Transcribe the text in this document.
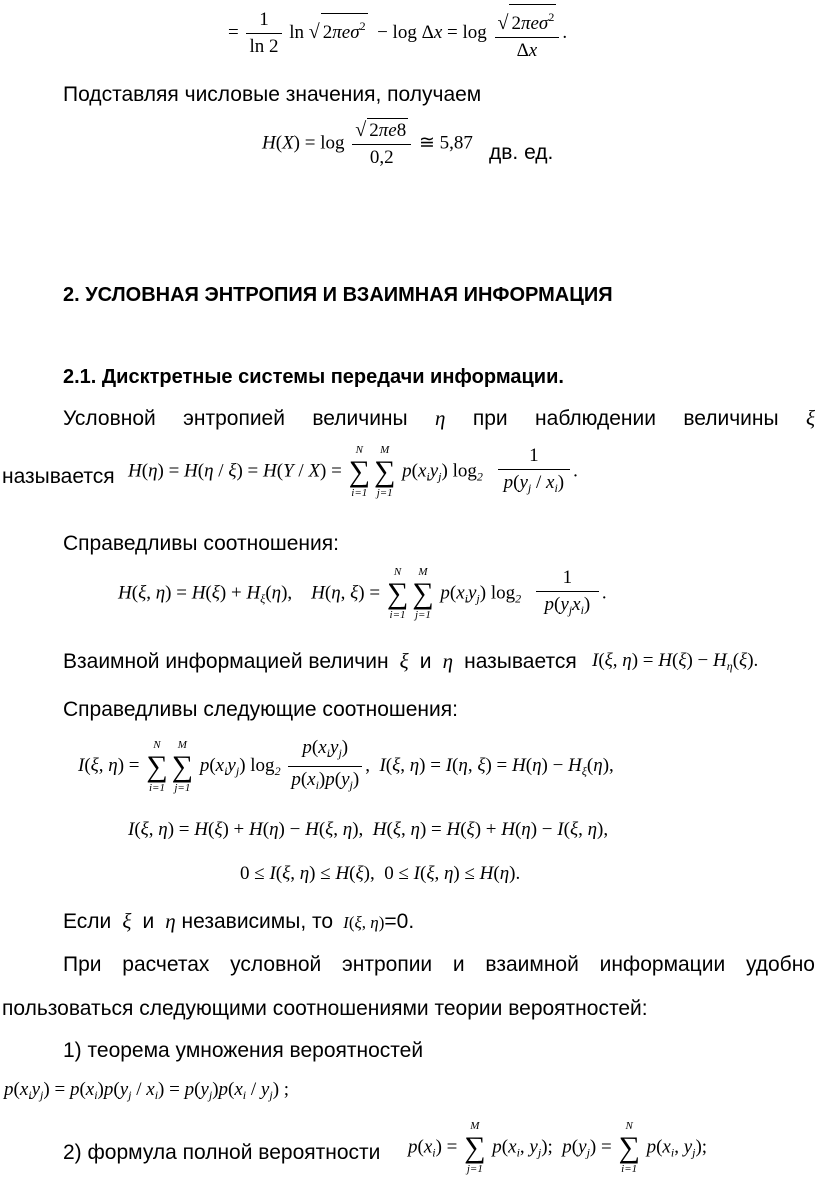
= $\frac{1}{\ln 2}$ ln √ $2\pi e\sigma^2 - \log \Delta x = \log \frac{√ 2\pi e\sigma^2}{\Delta x}$ .
Подставляя числовые значения, получаем
$H(X) = \log \frac{√ 2\pi e8}{0,2}$ ≅ 5,87 дв. ед.
2. УСЛОВНАЯ ЭНТРОПИЯ И ВЗАИМНАЯ ИНФОРМАЦИЯ
2.1. Дисктретные системы передачи информации.
Условной энтропией величины η при наблюдении величины ξ
называется H(η) = H(η / ξ) = H(Y / X) =
N
∑
i=1
M
∑
j=1
$p(x_iy_j)$ $\log_2 \frac{1}{p(y_j / x_i)}$ .
Справедливы соотношения:
H(ξ, $\eta) = H(\xi) + H_\xi(\eta)$,    H(η, ξ) =
N
∑
i=1
M
∑
j=1
$p(x_iy_j)$ $\log_2 \frac{1}{p(y_jx_i)}$ .
Взаимной информацией величин  ξ  и  η  называется I(ξ, $\eta) = H(\xi) - H_\eta(\xi)$.
Справедливы следующие соотношения:
I(ξ, η) =
N
∑
i=1
M
∑
j=1
$p(x_iy_j)$ $\log_2 \frac{p(x_iy_j)}{p(x_i)p(y_j)}$ ,  I(ξ, η) = I(η, $\xi) = H(\eta) - H_\xi(\eta)$,
I(ξ, η) = H(ξ) + H(η) − H(ξ, η),  H(ξ, η) = H(ξ) + H(η) − I(ξ, η),
0 ≤ I(ξ, η) ≤ H(ξ),  0 ≤ I(ξ, η) ≤ H(η).
Если  ξ  и  η независимы, то I(ξ, η)=0.
При расчетах условной энтропии и взаимной информации удобно
пользоваться следующими соотношениями теории вероятностей:
1) теорема умножения вероятностей
$p(x_iy_j) = p(x_i)p(y_j / x_i) = p(y_j)p(x_i / y_j)$ ;
2) формула полной вероятности $p(x_i)$ =
M
∑
j=1
$p(x_i$, $y_j$);  $p(y_j)$ =
N
∑
i=1
$p(x_i$, $y_j$);
